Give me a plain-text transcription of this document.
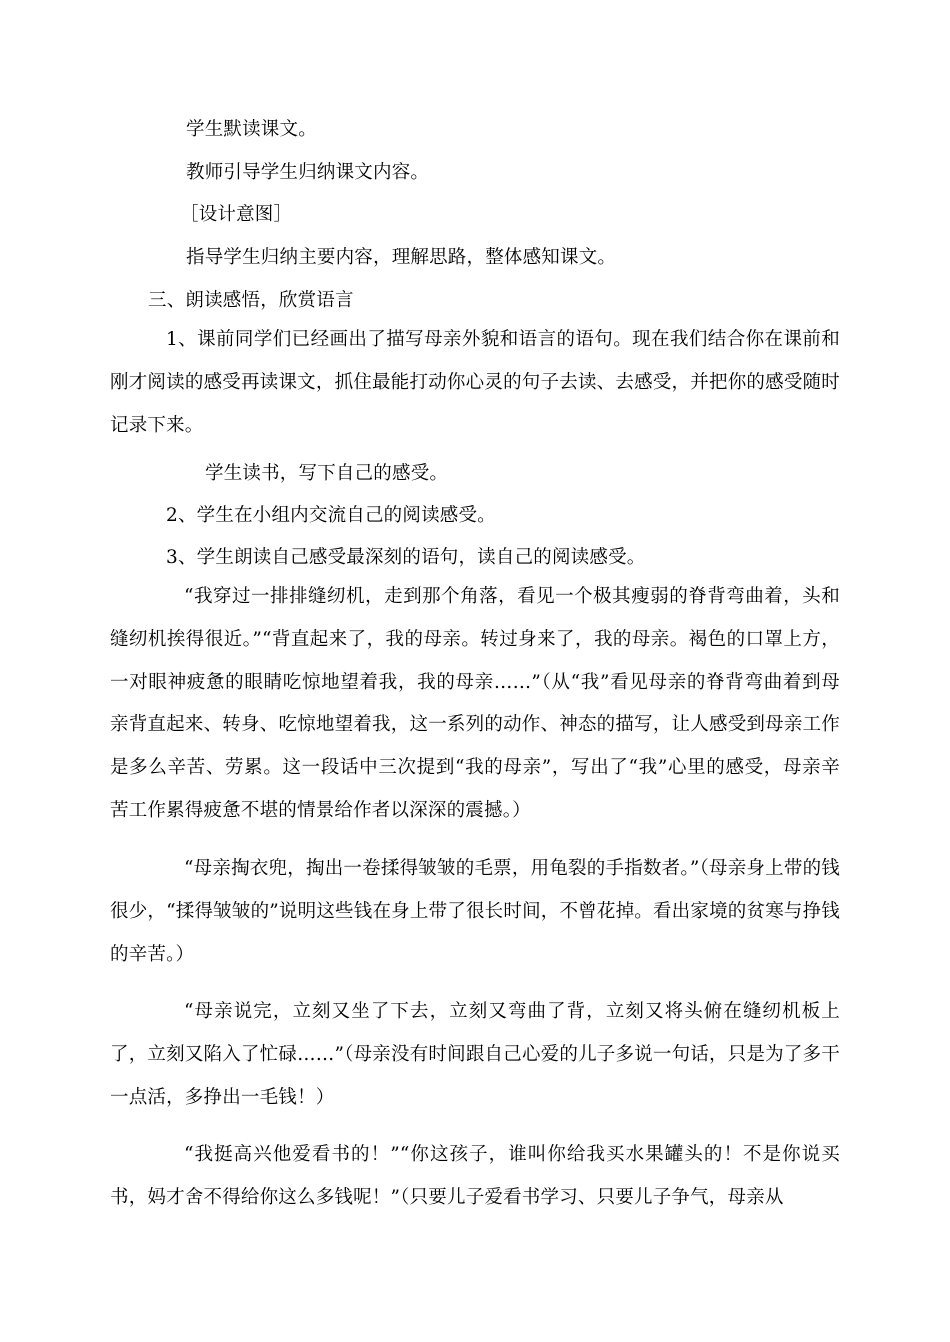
学生默读课文。
教师引导学生归纳课文内容。
［设计意图］
指导学生归纳主要内容，理解思路，整体感知课文。
三、朗读感悟，欣赏语言
1、课前同学们已经画出了描写母亲外貌和语言的语句。现在我们结合你在课前和刚才阅读的感受再读课文，抓住最能打动你心灵的句子去读、去感受，并把你的感受随时记录下来。
学生读书，写下自己的感受。
2、学生在小组内交流自己的阅读感受。
3、学生朗读自己感受最深刻的语句，读自己的阅读感受。
“我穿过一排排缝纫机，走到那个角落，看见一个极其瘦弱的脊背弯曲着，头和缝纫机挨得很近。”“背直起来了，我的母亲。转过身来了，我的母亲。褐色的口罩上方，一对眼神疲惫的眼睛吃惊地望着我，我的母亲……”（从“我”看见母亲的脊背弯曲着到母亲背直起来、转身、吃惊地望着我，这一系列的动作、神态的描写，让人感受到母亲工作是多么辛苦、劳累。这一段话中三次提到“我的母亲”，写出了“我”心里的感受，母亲辛苦工作累得疲惫不堪的情景给作者以深深的震撼。）
“母亲掏衣兜，掏出一卷揉得皱皱的毛票，用龟裂的手指数者。”（母亲身上带的钱很少，“揉得皱皱的”说明这些钱在身上带了很长时间，不曾花掉。看出家境的贫寒与挣钱的辛苦。）
“母亲说完，立刻又坐了下去，立刻又弯曲了背，立刻又将头俯在缝纫机板上了，立刻又陷入了忙碌……”（母亲没有时间跟自己心爱的儿子多说一句话，只是为了多干一点活，多挣出一毛钱！）
“我挺高兴他爱看书的！”“你这孩子，谁叫你给我买水果罐头的！不是你说买书，妈才舍不得给你这么多钱呢！”（只要儿子爱看书学习、只要儿子争气，母亲从
